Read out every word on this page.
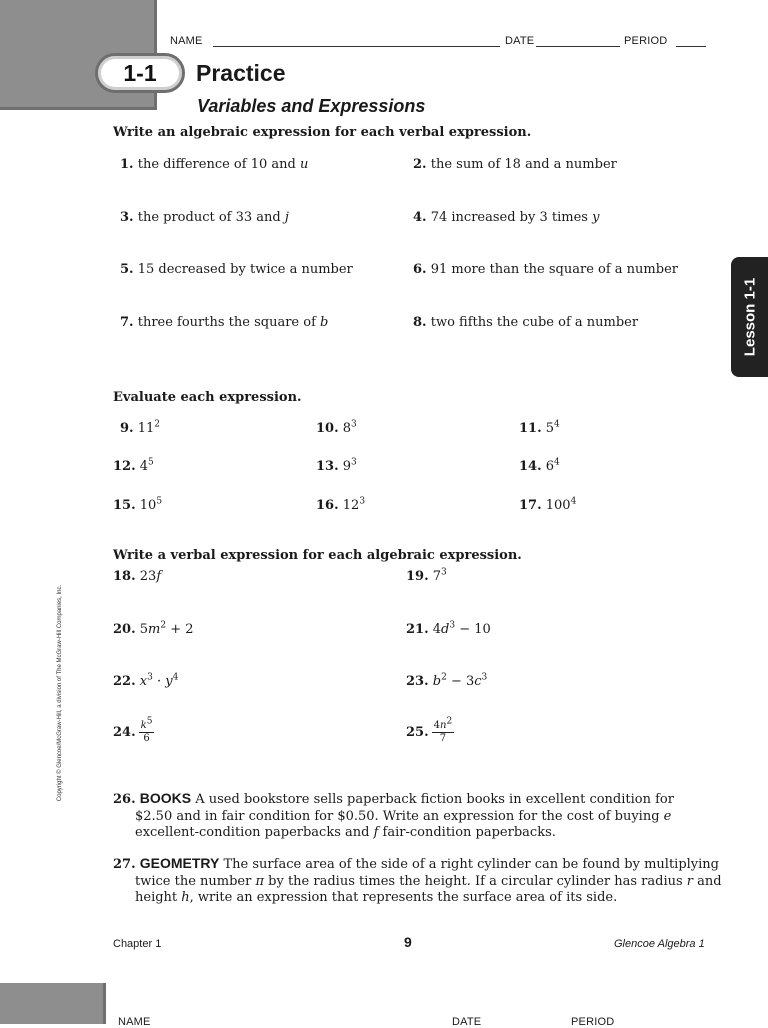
1-1
NAME	DATE	PERIOD
Practice
Variables and Expressions
Lesson 1-1
Copyright © Glencoe/McGraw-Hill, a division of The McGraw-Hill Companies, Inc.
Write an algebraic expression for each verbal expression.
1. the difference of 10 and u	2. the sum of 18 and a number
3. the product of 33 and j	4. 74 increased by 3 times y
5. 15 decreased by twice a number	6. 91 more than the square of a number
7. three fourths the square of b	8. two fifths the cube of a number
Evaluate each expression.
9. $11^2$	10. $8^3$	11. $5^4$
12. $4^5$	13. $9^3$	14. $6^4$
15. $10^5$	16. $12^3$	17. $100^4$
Write a verbal expression for each algebraic expression.
18. 23f	19. $7^3$
20. $5m^2 + 2$	21. $4d^3 - 10$
22. $x^3 \cdot y^4$	23. $b^2 - 3c^3$
24. $\frac{k^5}{6}$	25. $\frac{4n^2}{7}$
26. BOOKS A used bookstore sells paperback fiction books in excellent condition for $2.50 and in fair condition for $0.50. Write an expression for the cost of buying e excellent-condition paperbacks and f fair-condition paperbacks.
27. GEOMETRY The surface area of the side of a right cylinder can be found by multiplying twice the number π by the radius times the height. If a circular cylinder has radius r and height h, write an expression that represents the surface area of its side.
Chapter 1	9	Glencoe Algebra 1
NAME	DATE	PERIOD
